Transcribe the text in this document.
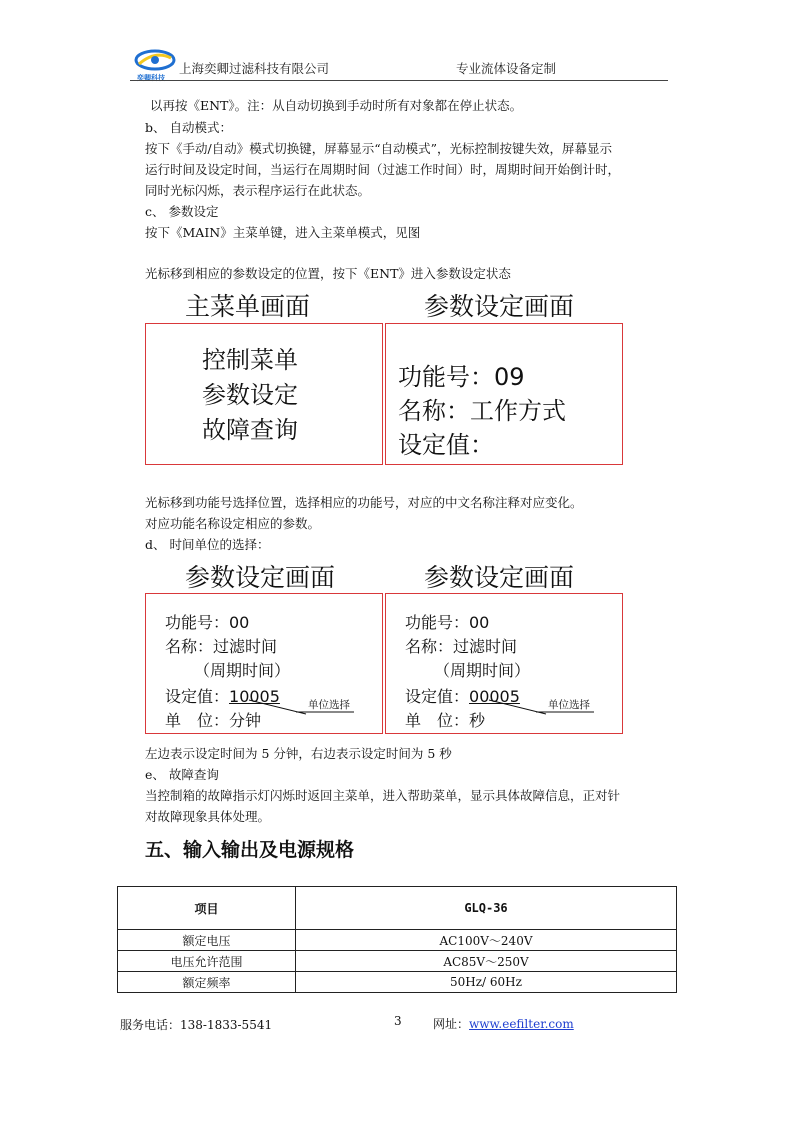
奕卿科技
上海奕卿过滤科技有限公司	专业流体设备定制
以再按《ENT》。注：从自动切换到手动时所有对象都在停止状态。
b、 自动模式：
按下《手动/自动》模式切换键，屏幕显示“自动模式”，光标控制按键失效，屏幕显示
运行时间及设定时间，当运行在周期时间（过滤工作时间）时，周期时间开始倒计时，
同时光标闪烁，表示程序运行在此状态。
c、 参数设定
按下《MAIN》主菜单键，进入主菜单模式，见图
光标移到相应的参数设定的位置，按下《ENT》进入参数设定状态
主菜单画面	参数设定画面
控制菜单
参数设定
故障查询
功能号：09
名称：工作方式
设定值：
光标移到功能号选择位置，选择相应的功能号，对应的中文名称注释对应变化。
对应功能名称设定相应的参数。
d、 时间单位的选择：
参数设定画面	参数设定画面
功能号：00
名称：过滤时间
（周期时间）
设定值：10005
单　位：分钟
单位选择
功能号：00
名称：过滤时间
（周期时间）
设定值：00005
单　位：秒
单位选择
左边表示设定时间为 5 分钟，右边表示设定时间为 5 秒
e、 故障查询
当控制箱的故障指示灯闪烁时返回主菜单，进入帮助菜单，显示具体故障信息，正对针
对故障现象具体处理。
五、输入输出及电源规格
项目	GLQ-36
额定电压	AC100V～240V
电压允许范围	AC85V～250V
额定频率	50Hz/ 60Hz
服务电话：138-1833-5541	3	网址：www.eefilter.com
